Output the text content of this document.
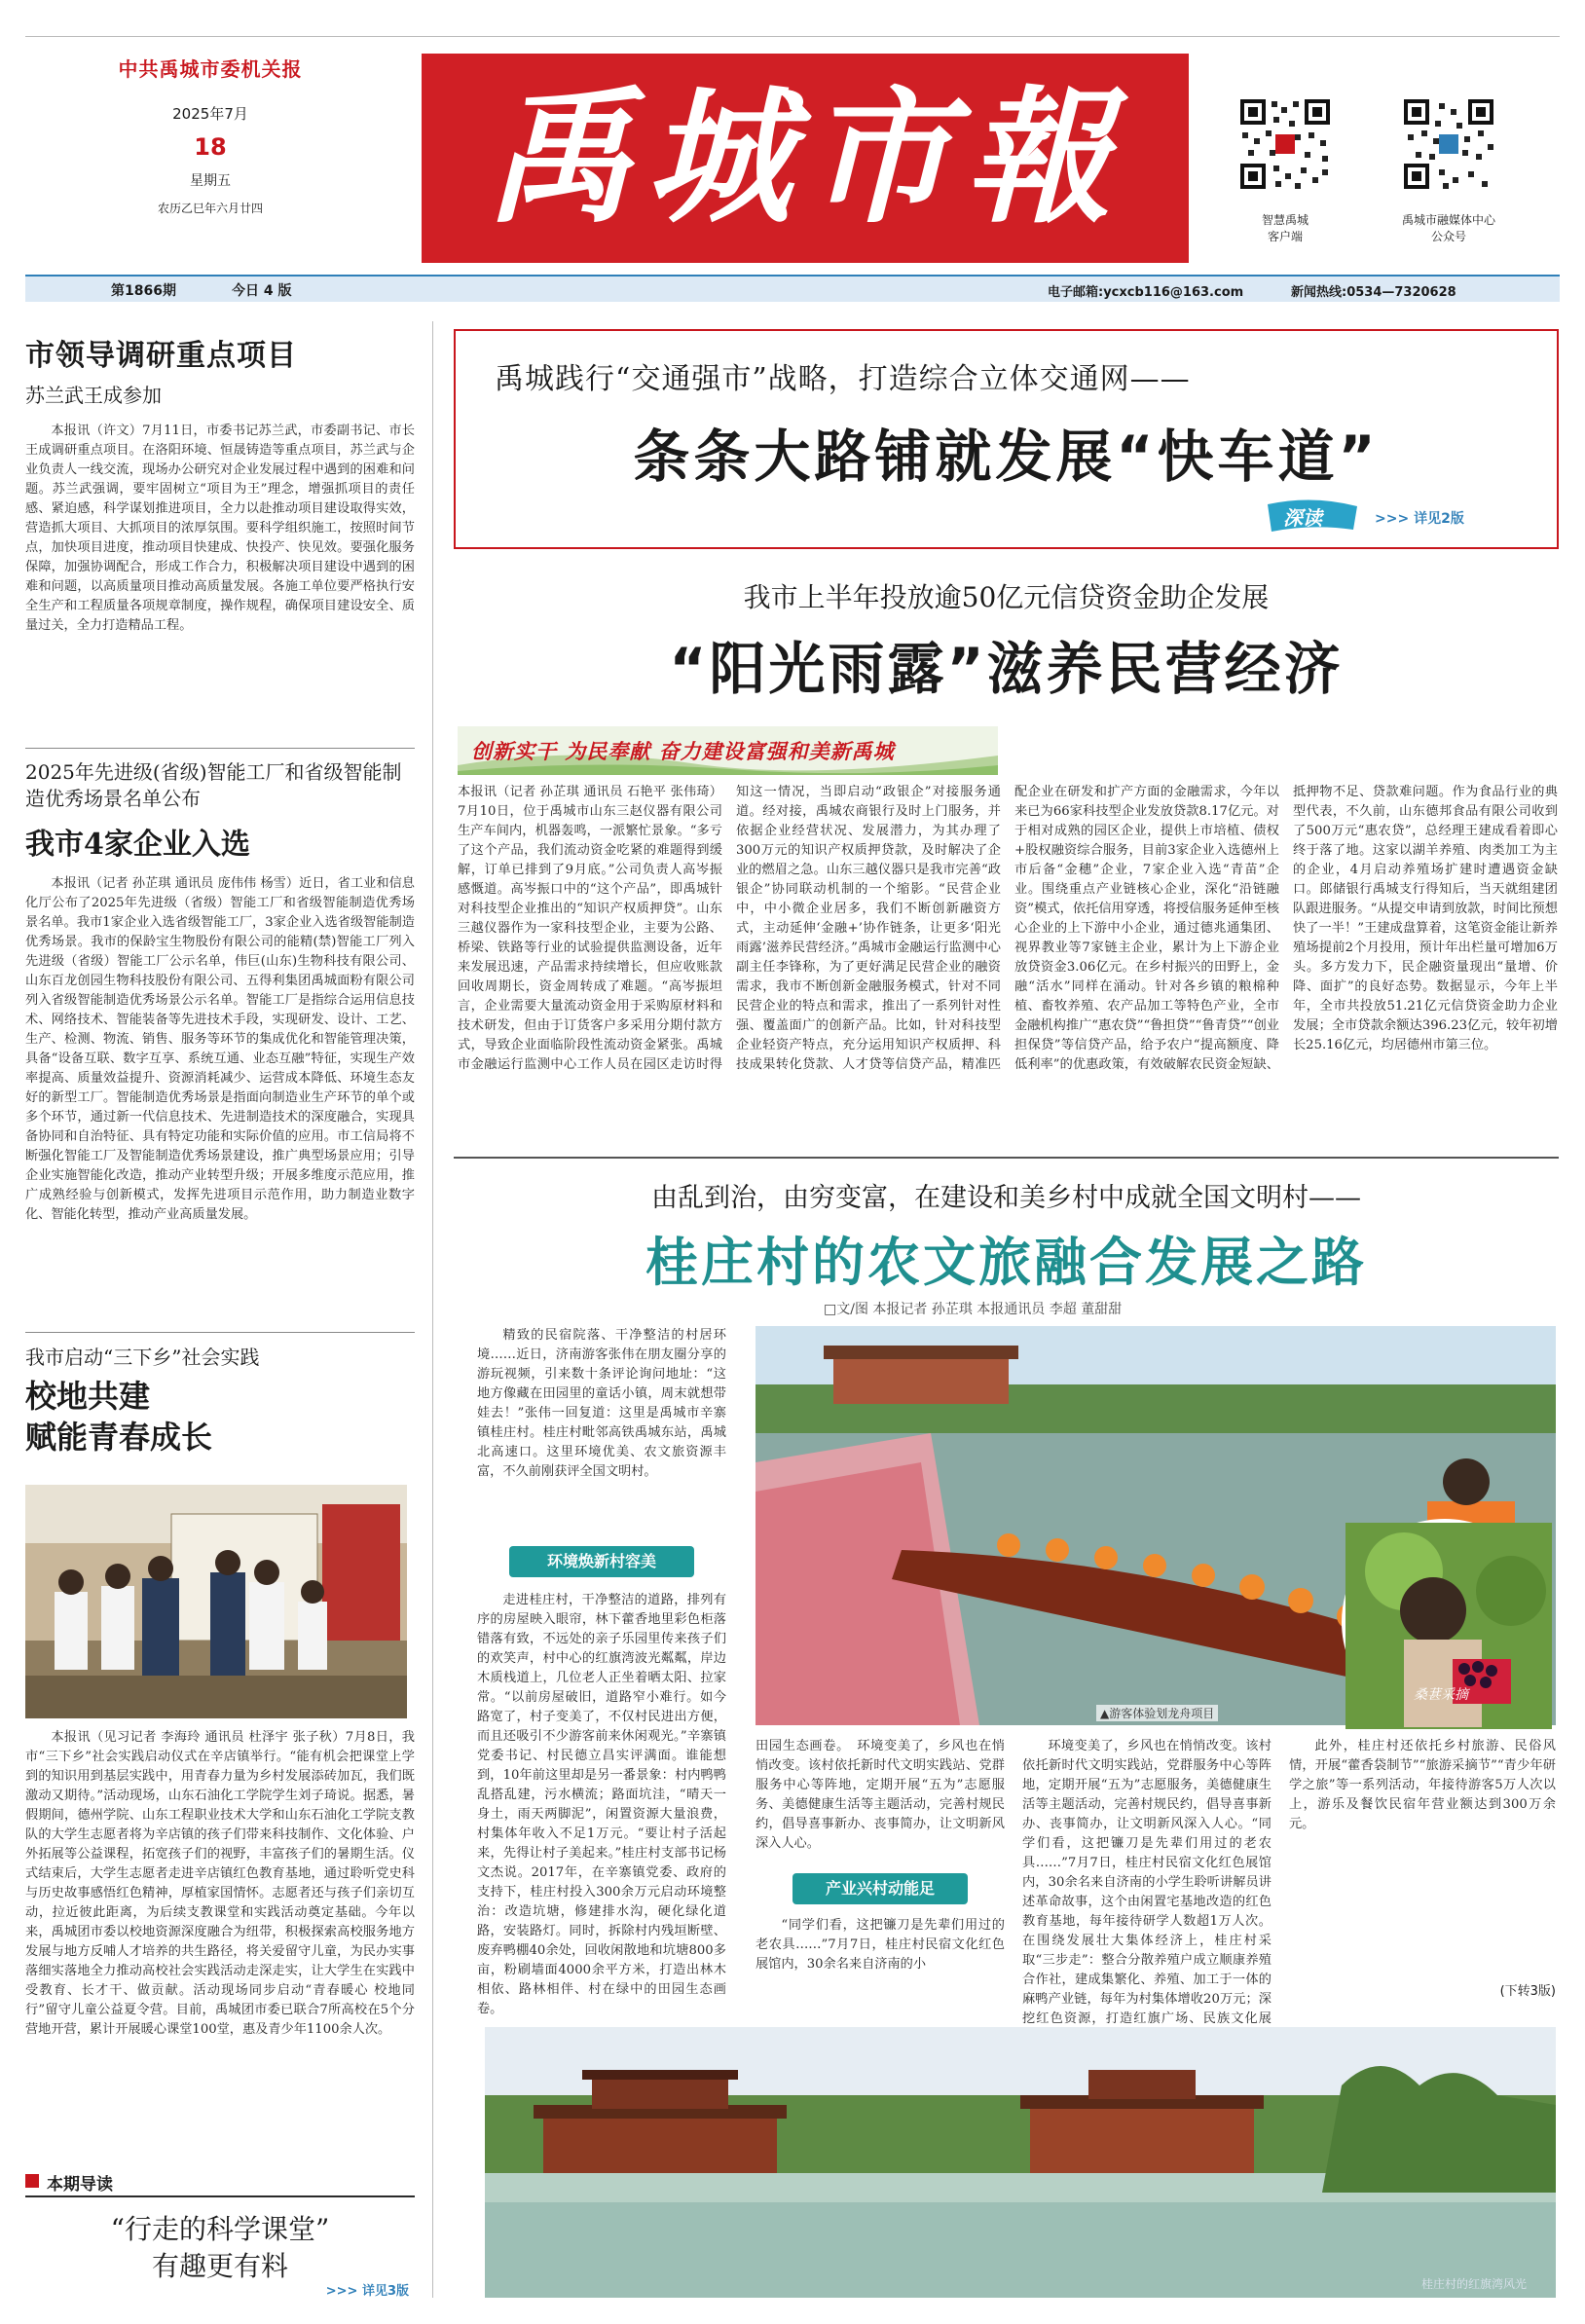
中共禹城市委机关报
2025年7月
18
星期五
农历乙巳年六月廿四	禹城市報	智慧禹城
客户端
禹城市融媒体中心
公众号
第1866期	今日 4 版	电子邮箱:ycxcb116@163.com	新闻热线:0534—7320628
市领导调研重点项目
苏兰武王成参加
本报讯（许文）7月11日，市委书记苏兰武，市委副书记、市长王成调研重点项目。在洛阳环境、恒晟铸造等重点项目，苏兰武与企业负责人一线交流，现场办公研究对企业发展过程中遇到的困难和问题。苏兰武强调，要牢固树立“项目为王”理念，增强抓项目的责任感、紧迫感，科学谋划推进项目，全力以赴推动项目建设取得实效，营造抓大项目、大抓项目的浓厚氛围。要科学组织施工，按照时间节点，加快项目进度，推动项目快建成、快投产、快见效。要强化服务保障，加强协调配合，形成工作合力，积极解决项目建设中遇到的困难和问题，以高质量项目推动高质量发展。各施工单位要严格执行安全生产和工程质量各项规章制度，操作规程，确保项目建设安全、质量过关，全力打造精品工程。
2025年先进级(省级)智能工厂和省级智能制造优秀场景名单公布
我市4家企业入选
本报讯（记者 孙芷琪 通讯员 庞伟伟 杨雪）近日，省工业和信息化厅公布了2025年先进级（省级）智能工厂和省级智能制造优秀场景名单。我市1家企业入选省级智能工厂，3家企业入选省级智能制造优秀场景。我市的保龄宝生物股份有限公司的能精(禁)智能工厂列入先进级（省级）智能工厂公示名单，伟巨(山东)生物科技有限公司、山东百龙创园生物科技股份有限公司、五得利集团禹城面粉有限公司列入省级智能制造优秀场景公示名单。智能工厂是指综合运用信息技术、网络技术、智能装备等先进技术手段，实现研发、设计、工艺、生产、检测、物流、销售、服务等环节的集成优化和智能管理决策，具备“设备互联、数字互享、系统互通、业态互融”特征，实现生产效率提高、质量效益提升、资源消耗减少、运营成本降低、环境生态友好的新型工厂。智能制造优秀场景是指面向制造业生产环节的单个或多个环节，通过新一代信息技术、先进制造技术的深度融合，实现具备协同和自治特征、具有特定功能和实际价值的应用。市工信局将不断强化智能工厂及智能制造优秀场景建设，推广典型场景应用；引导企业实施智能化改造，推动产业转型升级；开展多维度示范应用，推广成熟经验与创新模式，发挥先进项目示范作用，助力制造业数字化、智能化转型，推动产业高质量发展。
我市启动“三下乡”社会实践
校地共建
赋能青春成长
本报讯（见习记者 李海玲 通讯员 杜泽宇 张子秋）7月8日，我市“三下乡”社会实践启动仪式在辛店镇举行。“能有机会把课堂上学到的知识用到基层实践中，用青春力量为乡村发展添砖加瓦，我们既激动又期待。”活动现场，山东石油化工学院学生刘子琦说。据悉，暑假期间，德州学院、山东工程职业技术大学和山东石油化工学院支教队的大学生志愿者将为辛店镇的孩子们带来科技制作、文化体验、户外拓展等公益课程，拓宽孩子们的视野，丰富孩子们的暑期生活。仪式结束后，大学生志愿者走进辛店镇红色教育基地，通过聆听党史科与历史故事感悟红色精神，厚植家国情怀。志愿者还与孩子们亲切互动，拉近彼此距离，为后续支教课堂和实践活动奠定基础。今年以来，禹城团市委以校地资源深度融合为纽带，积极探索高校服务地方发展与地方反哺人才培养的共生路径，将关爱留守儿童，为民办实事落细实落地全力推动高校社会实践活动走深走实，让大学生在实践中受教育、长才干、做贡献。活动现场同步启动“青春暖心 校地同行”留守儿童公益夏令营。目前，禹城团市委已联合7所高校在5个分营地开营，累计开展暖心课堂100堂，惠及青少年1100余人次。
本期导读
“行走的科学课堂”
有趣更有料
>>> 详见3版
禹城践行“交通强市”战略，打造综合立体交通网——
条条大路铺就发展“快车道”
深读	>>> 详见2版
我市上半年投放逾50亿元信贷资金助企发展
“阳光雨露”滋养民营经济
创新实干 为民奉献 奋力建设富强和美新禹城
本报讯（记者 孙芷琪 通讯员 石艳平 张伟琦）7月10日，位于禹城市山东三赵仪器有限公司生产车间内，机器轰鸣，一派繁忙景象。“多亏了这个产品，我们流动资金吃紧的难题得到缓解，订单已排到了9月底。”公司负责人高岑振感慨道。高岑振口中的“这个产品”，即禹城针对科技型企业推出的“知识产权质押贷”。山东三越仪器作为一家科技型企业，主要为公路、桥梁、铁路等行业的试验提供监测设备，近年来发展迅速，产品需求持续增长，但应收账款回收周期长，资金周转成了难题。“高岑振坦言，企业需要大量流动资金用于采购原材料和技术研发，但由于订货客户多采用分期付款方式，导致企业面临阶段性流动资金紧张。禹城市金融运行监测中心工作人员在园区走访时得知这一情况，当即启动“政银企”对接服务通道。经对接，禹城农商银行及时上门服务，并依据企业经营状况、发展潜力，为其办理了300万元的知识产权质押贷款，及时解决了企业的燃眉之急。山东三越仪器只是我市完善“政银企”协同联动机制的一个缩影。“民营企业中，中小微企业居多，我们不断创新融资方式，主动延伸‘金融+’协作链条，让更多‘阳光雨露’滋养民营经济。”禹城市金融运行监测中心副主任李锋称，为了更好满足民营企业的融资需求，我市不断创新金融服务模式，针对不同民营企业的特点和需求，推出了一系列针对性强、覆盖面广的创新产品。比如，针对科技型企业轻资产特点，充分运用知识产权质押、科技成果转化贷款、人才贷等信贷产品，精准匹配企业在研发和扩产方面的金融需求，今年以来已为66家科技型企业发放贷款8.17亿元。对于相对成熟的园区企业，提供上市培植、债权+股权融资综合服务，目前3家企业入选德州上市后备“金穗”企业，7家企业入选“青苗”企业。围绕重点产业链核心企业，深化“沿链融资”模式，依托信用穿透，将授信服务延伸至核心企业的上下游中小企业，通过德兆通集团、视界教业等7家链主企业，累计为上下游企业放贷资金3.06亿元。在乡村振兴的田野上，金融“活水”同样在涌动。针对各乡镇的粮棉种植、畜牧养殖、农产品加工等特色产业，全市金融机构推广“惠农贷”“鲁担贷”“鲁青贷”“创业担保贷”等信贷产品，给予农户“提高额度、降低利率”的优惠政策，有效破解农民资金短缺、抵押物不足、贷款难问题。作为食品行业的典型代表，不久前，山东德邦食品有限公司收到了500万元“惠农贷”，总经理王建成看着即心终于落了地。这家以湖羊养殖、肉类加工为主的企业，4月启动养殖场扩建时遭遇资金缺口。郎储银行禹城支行得知后，当天就组建团队跟进服务。“从提交申请到放款，时间比预想快了一半！”王建成盘算着，这笔资金能让新养殖场提前2个月投用，预计年出栏量可增加6万头。多方发力下，民企融资量现出“量增、价降、面扩”的良好态势。数据显示，今年上半年，全市共投放51.21亿元信贷资金助力企业发展；全市贷款余额达396.23亿元，较年初增长25.16亿元，均居德州市第三位。
由乱到治，由穷变富，在建设和美乡村中成就全国文明村——
桂庄村的农文旅融合发展之路
□文/图 本报记者 孙芷琪 本报通讯员 李超 董甜甜
精致的民宿院落、干净整洁的村居环境……近日，济南游客张伟在朋友圈分享的游玩视频，引来数十条评论询问地址：“这地方像藏在田园里的童话小镇，周末就想带娃去！”张伟一回复道：这里是禹城市辛寨镇桂庄村。桂庄村毗邻高铁禹城东站，禹城北高速口。这里环境优美、农文旅资源丰富，不久前刚获评全国文明村。
环境焕新村容美
走进桂庄村，干净整洁的道路，排列有序的房屋映入眼帘，林下藿香地里彩色柜落错落有致，不远处的亲子乐园里传来孩子们的欢笑声，村中心的红旗湾波光粼粼，岸边木质栈道上，几位老人正坐着晒太阳、拉家常。“以前房屋破旧，道路窄小难行。如今路宽了，村子变美了，不仅村民进出方便，而且还吸引不少游客前来休闲观光。”辛寨镇党委书记、村民德立昌实评满面。谁能想到，10年前这里却是另一番景象：村内鸭鸭乱搭乱建，污水横流；路面坑洼，“晴天一身土，雨天两脚泥”，闲置资源大量浪费，村集体年收入不足1万元。“要让村子活起来，先得让村子美起来。”桂庄村支部书记杨文杰说。2017年，在辛寨镇党委、政府的支持下，桂庄村投入300余万元启动环境整治：改造坑塘，修建排水沟，硬化绿化道路，安装路灯。同时，拆除村内残垣断壁、废弃鸭棚40余处，回收闲散地和坑塘800多亩，粉刷墙面4000余平方米，打造出林木相依、路林相伴、村在绿中的田园生态画卷。
▲游客体验划龙舟项目
桑葚采摘
田园生态画卷。　环境变美了，乡风也在悄悄改变。该村依托新时代文明实践站、党群服务中心等阵地，定期开展“五为”志愿服务、美德健康生活等主题活动，完善村规民约，倡导喜事新办、丧事简办，让文明新风深入人心。
产业兴村动能足
“同学们看，这把镰刀是先辈们用过的老农具……”7月7日，桂庄村民宿文化红色展馆内，30余名来自济南的小
环境变美了，乡风也在悄悄改变。该村依托新时代文明实践站，党群服务中心等阵地，定期开展“五为”志愿服务，美德健康生活等主题活动，完善村规民约，倡导喜事新办、丧事简办，让文明新风深入人心。“同学们看，这把镰刀是先辈们用过的老农具……”7月7日，桂庄村民宿文化红色展馆内，30余名来自济南的小学生聆听讲解员讲述革命故事，这个由闲置宅基地改造的红色教育基地，每年接待研学人数超1万人次。在围绕发展壮大集体经济上，桂庄村采取“三步走”：整合分散养殖户成立顺康养殖合作社，建成集繁化、养殖、加工于一体的麻鸭产业链，每年为村集体增收20万元；深挖红色资源，打造红旗广场、民族文化展
此外，桂庄村还依托乡村旅游、民俗风情，开展“藿香袋制节”“旅游采摘节”“青少年研学之旅”等一系列活动，年接待游客5万人次以上，游乐及餐饮民宿年营业额达到300万余元。
(下转3版)
桂庄村的红旗湾风光
